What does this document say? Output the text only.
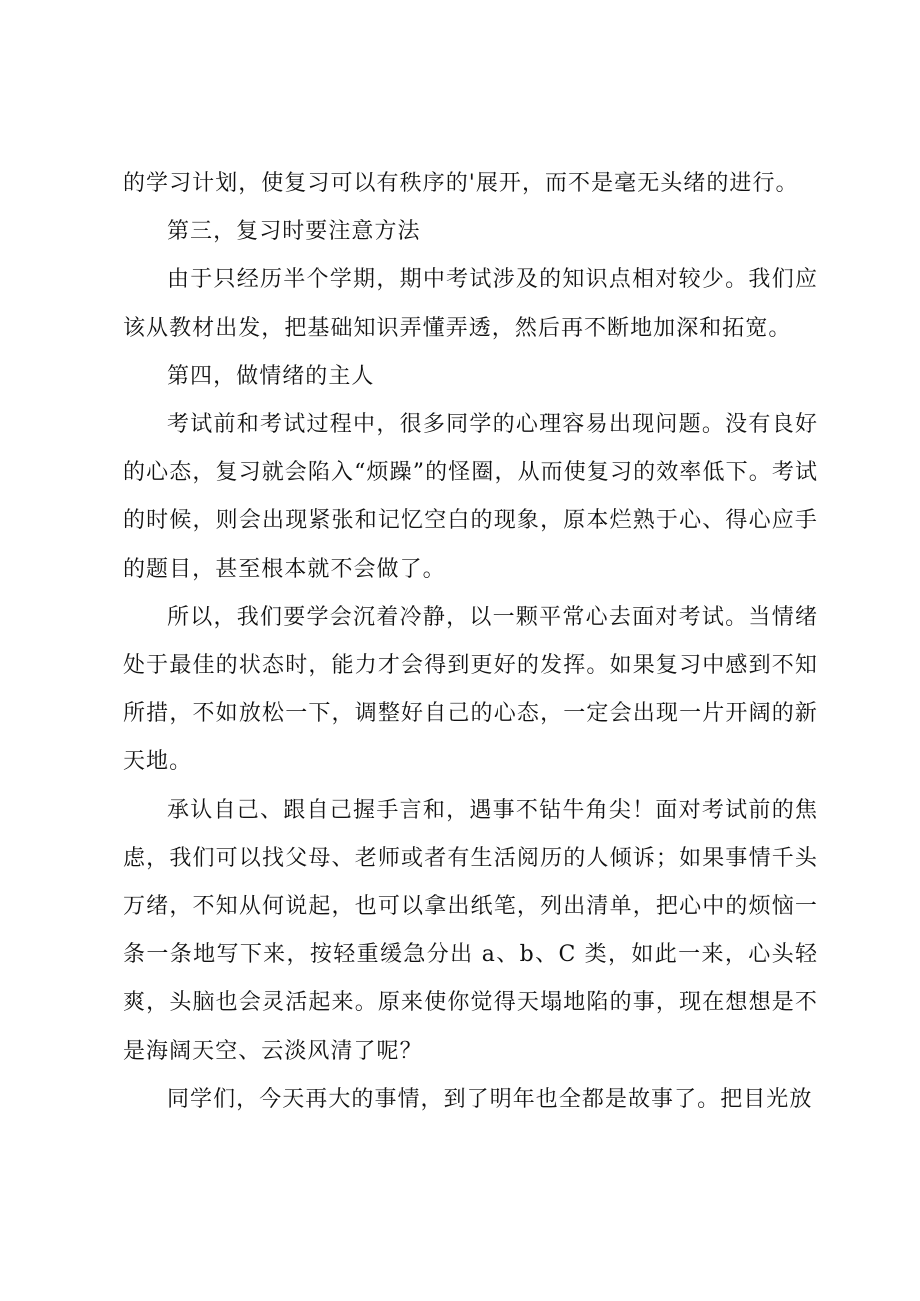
的学习计划，使复习可以有秩序的'展开，而不是毫无头绪的进行。

第三，复习时要注意方法

由于只经历半个学期，期中考试涉及的知识点相对较少。我们应该从教材出发，把基础知识弄懂弄透，然后再不断地加深和拓宽。

第四，做情绪的主人

考试前和考试过程中，很多同学的心理容易出现问题。没有良好的心态，复习就会陷入“烦躁”的怪圈，从而使复习的效率低下。考试的时候，则会出现紧张和记忆空白的现象，原本烂熟于心、得心应手的题目，甚至根本就不会做了。

所以，我们要学会沉着冷静，以一颗平常心去面对考试。当情绪处于最佳的状态时，能力才会得到更好的发挥。如果复习中感到不知所措，不如放松一下，调整好自己的心态，一定会出现一片开阔的新天地。

承认自己、跟自己握手言和，遇事不钻牛角尖！面对考试前的焦虑，我们可以找父母、老师或者有生活阅历的人倾诉；如果事情千头万绪，不知从何说起，也可以拿出纸笔，列出清单，把心中的烦恼一条一条地写下来，按轻重缓急分出 a、b、C 类，如此一来，心头轻爽，头脑也会灵活起来。原来使你觉得天塌地陷的事，现在想想是不是海阔天空、云淡风清了呢？

同学们，今天再大的事情，到了明年也全都是故事了。把目光放
